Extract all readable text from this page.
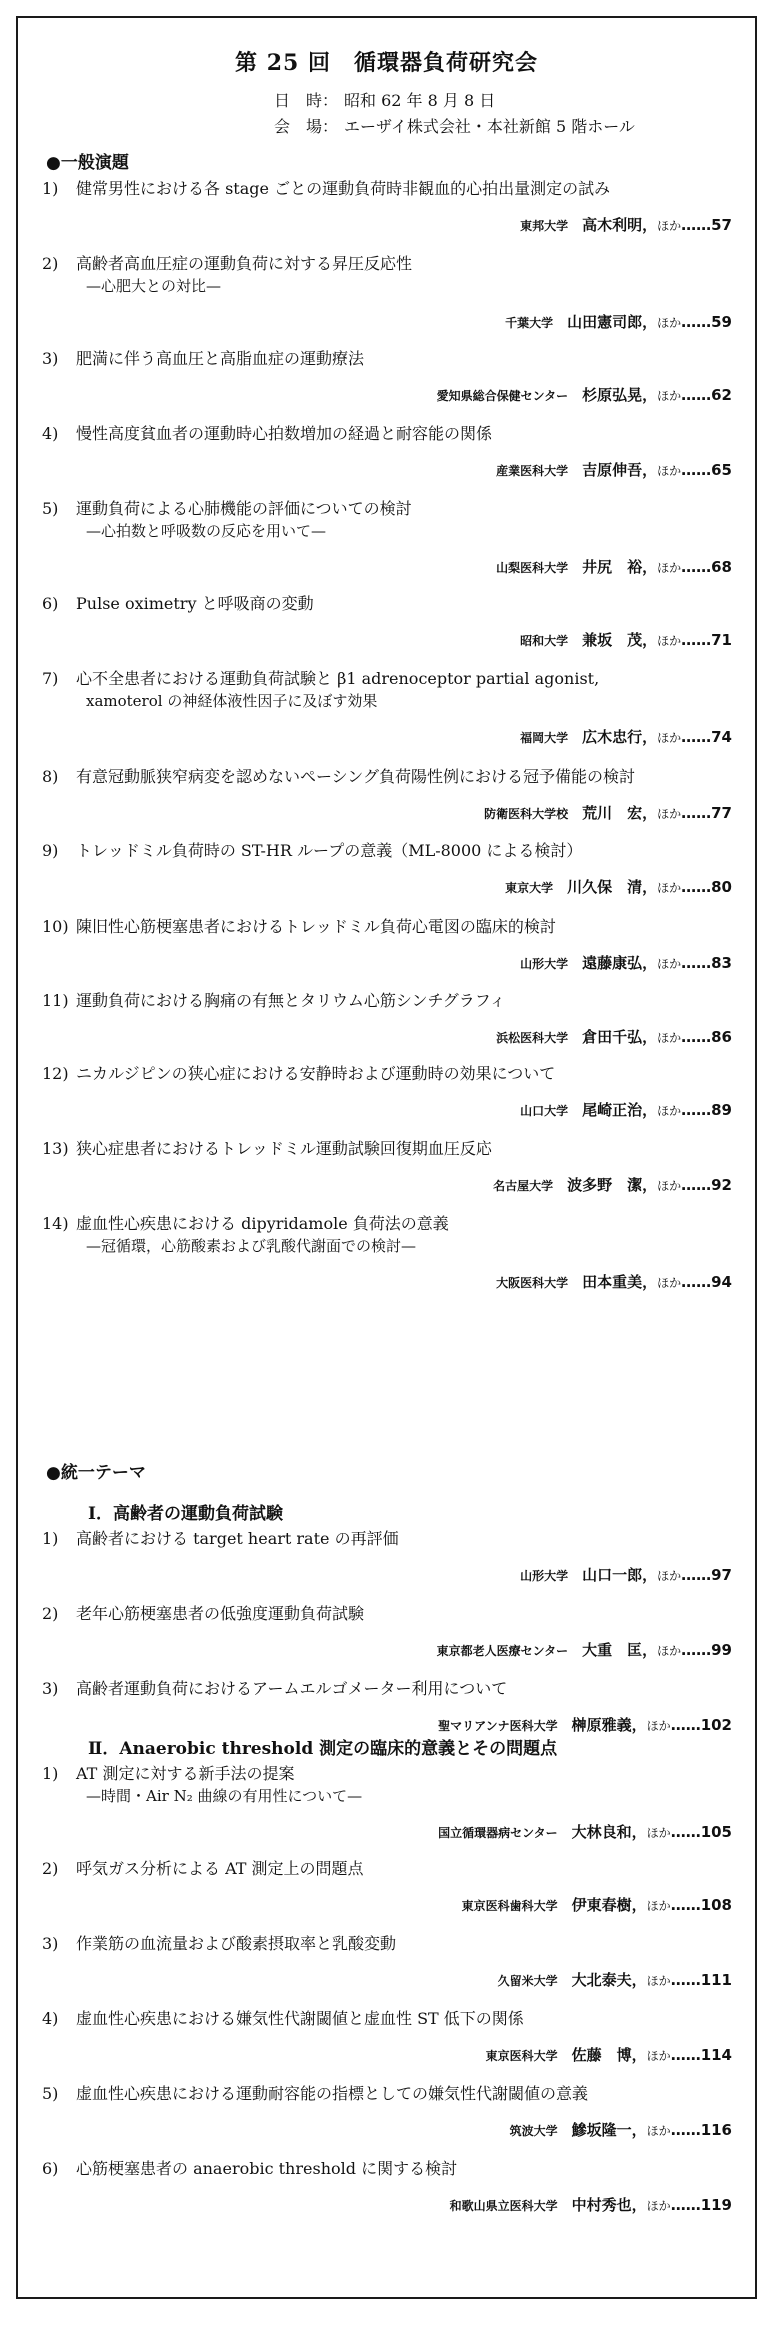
第 25 回　循環器負荷研究会
日　時： 昭和 62 年 8 月 8 日
会　場： エーザイ株式会社・本社新館 5 階ホール
●一般演題
1) 健常男性における各 stage ごとの運動負荷時非観血的心拍出量測定の試み
東邦大学 高木利明，ほか……57
2) 高齢者高血圧症の運動負荷に対する昇圧反応性
—心肥大との対比—
千葉大学 山田憲司郎，ほか……59
3) 肥満に伴う高血圧と高脂血症の運動療法
愛知県総合保健センター 杉原弘晃，ほか……62
4) 慢性高度貧血者の運動時心拍数増加の経過と耐容能の関係
産業医科大学 吉原伸吾，ほか……65
5) 運動負荷による心肺機能の評価についての検討
—心拍数と呼吸数の反応を用いて—
山梨医科大学 井尻　裕，ほか……68
6) Pulse oximetry と呼吸商の変動
昭和大学 兼坂　茂，ほか……71
7) 心不全患者における運動負荷試験と β1 adrenoceptor partial agonist,
xamoterol の神経体液性因子に及ぼす効果
福岡大学 広木忠行，ほか……74
8) 有意冠動脈狭窄病変を認めないペーシング負荷陽性例における冠予備能の検討
防衛医科大学校 荒川　宏，ほか……77
9) トレッドミル負荷時の ST-HR ループの意義（ML-8000 による検討）
東京大学 川久保　清，ほか……80
10) 陳旧性心筋梗塞患者におけるトレッドミル負荷心電図の臨床的検討
山形大学 遠藤康弘，ほか……83
11) 運動負荷における胸痛の有無とタリウム心筋シンチグラフィ
浜松医科大学 倉田千弘，ほか……86
12) ニカルジピンの狭心症における安静時および運動時の効果について
山口大学 尾崎正治，ほか……89
13) 狭心症患者におけるトレッドミル運動試験回復期血圧反応
名古屋大学 波多野　潔，ほか……92
14) 虚血性心疾患における dipyridamole 負荷法の意義
—冠循環，心筋酸素および乳酸代謝面での検討—
大阪医科大学 田本重美，ほか……94
●統一テーマ
Ⅰ．高齢者の運動負荷試験
1) 高齢者における target heart rate の再評価
山形大学 山口一郎，ほか……97
2) 老年心筋梗塞患者の低強度運動負荷試験
東京都老人医療センター 大重　匡，ほか……99
3) 高齢者運動負荷におけるアームエルゴメーター利用について
聖マリアンナ医科大学 榊原雅義，ほか……102
Ⅱ．Anaerobic threshold 測定の臨床的意義とその問題点
1) AT 測定に対する新手法の提案
—時間・Air N₂ 曲線の有用性について—
国立循環器病センター 大林良和，ほか……105
2) 呼気ガス分析による AT 測定上の問題点
東京医科歯科大学 伊東春樹，ほか……108
3) 作業筋の血流量および酸素摂取率と乳酸変動
久留米大学 大北泰夫，ほか……111
4) 虚血性心疾患における嫌気性代謝閾値と虚血性 ST 低下の関係
東京医科大学 佐藤　博，ほか……114
5) 虚血性心疾患における運動耐容能の指標としての嫌気性代謝閾値の意義
筑波大学 鰺坂隆一，ほか……116
6) 心筋梗塞患者の anaerobic threshold に関する検討
和歌山県立医科大学 中村秀也，ほか……119
